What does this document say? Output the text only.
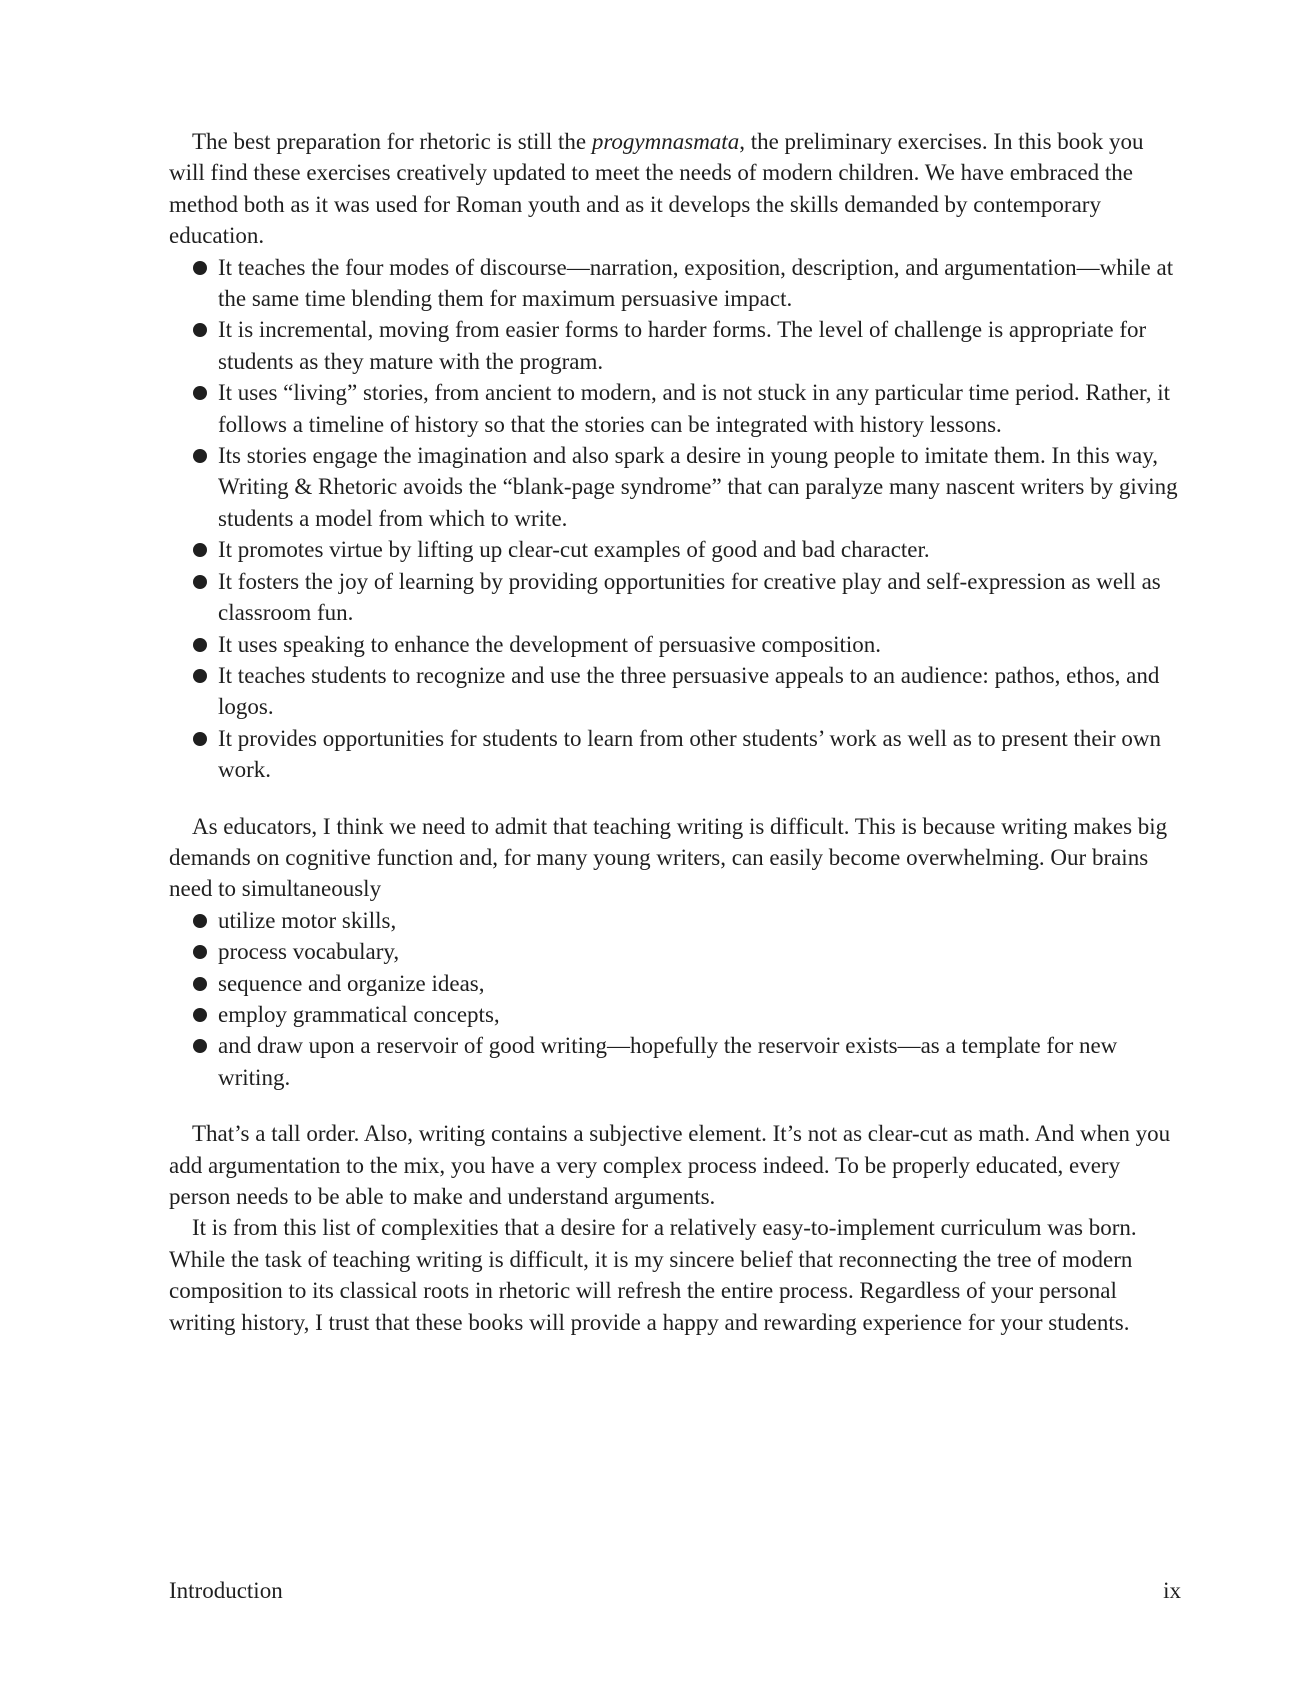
The best preparation for rhetoric is still the progymnasmata, the preliminary exercises. In this book you will find these exercises creatively updated to meet the needs of modern children. We have embraced the method both as it was used for Roman youth and as it develops the skills demanded by contemporary education.

It teaches the four modes of discourse—narration, exposition, description, and argumentation—while at the same time blending them for maximum persuasive impact.
It is incremental, moving from easier forms to harder forms. The level of challenge is appropriate for students as they mature with the program.
It uses “living” stories, from ancient to modern, and is not stuck in any particular time period. Rather, it follows a timeline of history so that the stories can be integrated with history lessons.
Its stories engage the imagination and also spark a desire in young people to imitate them. In this way, Writing & Rhetoric avoids the “blank-page syndrome” that can paralyze many nascent writers by giving students a model from which to write.
It promotes virtue by lifting up clear-cut examples of good and bad character.
It fosters the joy of learning by providing opportunities for creative play and self-expression as well as classroom fun.
It uses speaking to enhance the development of persuasive composition.
It teaches students to recognize and use the three persuasive appeals to an audience: pathos, ethos, and logos.
It provides opportunities for students to learn from other students’ work as well as to present their own work.

As educators, I think we need to admit that teaching writing is difficult. This is because writing makes big demands on cognitive function and, for many young writers, can easily become overwhelming. Our brains need to simultaneously

utilize motor skills,
process vocabulary,
sequence and organize ideas,
employ grammatical concepts,
and draw upon a reservoir of good writing—hopefully the reservoir exists—as a template for new writing.

That’s a tall order. Also, writing contains a subjective element. It’s not as clear-cut as math. And when you add argumentation to the mix, you have a very complex process indeed. To be properly educated, every person needs to be able to make and understand arguments.

It is from this list of complexities that a desire for a relatively easy-to-implement curriculum was born. While the task of teaching writing is difficult, it is my sincere belief that reconnecting the tree of modern composition to its classical roots in rhetoric will refresh the entire process. Regardless of your personal writing history, I trust that these books will provide a happy and rewarding experience for your students.

Introduction	ix
